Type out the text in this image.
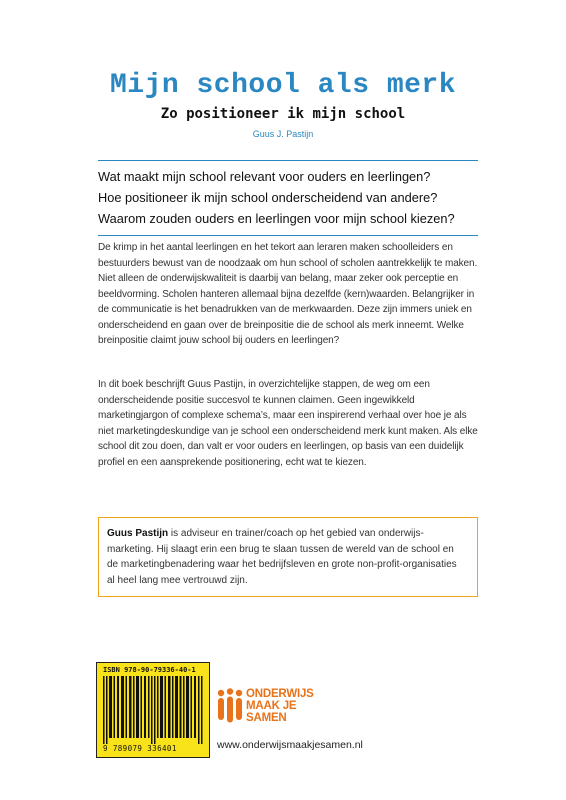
Mijn school als merk
Zo positioneer ik mijn school
Guus J. Pastijn
Wat maakt mijn school relevant voor ouders en leerlingen?
Hoe positioneer ik mijn school onderscheidend van andere?
Waarom zouden ouders en leerlingen voor mijn school kiezen?
De krimp in het aantal leerlingen en het tekort aan leraren maken schoolleiders en bestuurders bewust van de noodzaak om hun school of scholen aantrekkelijk te maken. Niet alleen de onderwijskwaliteit is daarbij van belang, maar zeker ook perceptie en beeldvorming. Scholen hanteren allemaal bijna dezelfde (kern)waarden. Belangrijker in de communicatie is het benadrukken van de merkwaarden. Deze zijn immers uniek en onderscheidend en gaan over de breinpositie die de school als merk inneemt. Welke breinpositie claimt jouw school bij ouders en leerlingen?
In dit boek beschrijft Guus Pastijn, in overzichtelijke stappen, de weg om een onderscheidende positie succesvol te kunnen claimen. Geen ingewikkeld marketingjargon of complexe schema’s, maar een inspirerend verhaal over hoe je als niet marketingdeskundige van je school een onderscheidend merk kunt maken. Als elke school dit zou doen, dan valt er voor ouders en leerlingen, op basis van een duidelijk profiel en een aansprekende positionering, echt wat te kiezen.
Guus Pastijn is adviseur en trainer/coach op het gebied van onderwijs-marketing. Hij slaagt erin een brug te slaan tussen de wereld van de school en de marketingbenadering waar het bedrijfsleven en grote non-profit-organisaties al heel lang mee vertrouwd zijn.
ISBN 978-90-79336-40-1
9 789079 336401
ONDERWIJS
MAAK JE
SAMEN
www.onderwijsmaakjesamen.nl
